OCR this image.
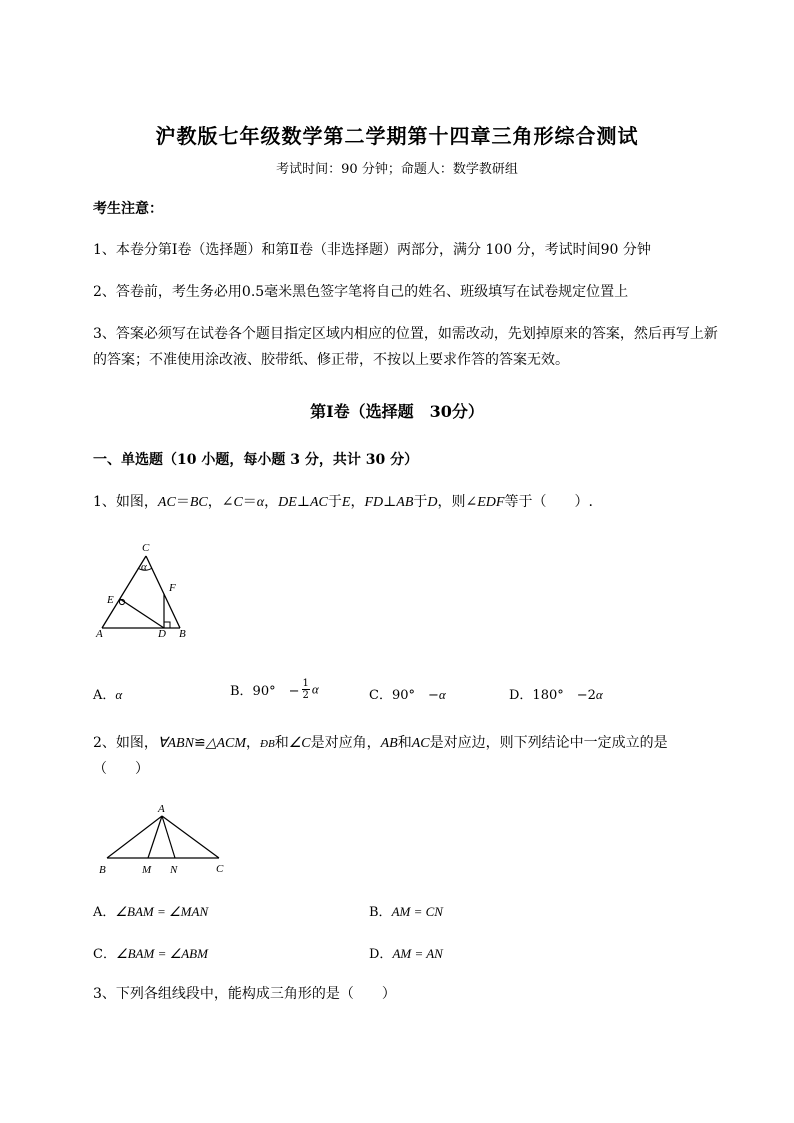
沪教版七年级数学第二学期第十四章三角形综合测试
考试时间：90 分钟；命题人：数学教研组
考生注意：
1、本卷分第Ⅰ卷（选择题）和第Ⅱ卷（非选择题）两部分，满分 100 分，考试时间90 分钟
2、答卷前，考生务必用0.5毫米黑色签字笔将自己的姓名、班级填写在试卷规定位置上
3、答案必须写在试卷各个题目指定区域内相应的位置，如需改动，先划掉原来的答案，然后再写上新
的答案；不准使用涂改液、胶带纸、修正带，不按以上要求作答的答案无效。
第Ⅰ卷（选择题　30分）
一、单选题（10 小题，每小题 3 分，共计 30 分）
1、如图，AC＝BC，∠C＝α，DE⊥AC于E，FD⊥AB于D，则∠EDF等于（　　）.
C
α
F
E
A	D B
A．α	B．90°　− $\frac{1}{2}$ α	C．90°　−α	D．180°　−2α
2、如图，∀ABN≌△ACM，ÐB和∠C是对应角，AB和AC是对应边，则下列结论中一定成立的是
（　　）
A
B	M N	C
A．∠BAM = ∠MAN	B．AM = CN
C．∠BAM = ∠ABM	D．AM = AN
3、下列各组线段中，能构成三角形的是（　　）
